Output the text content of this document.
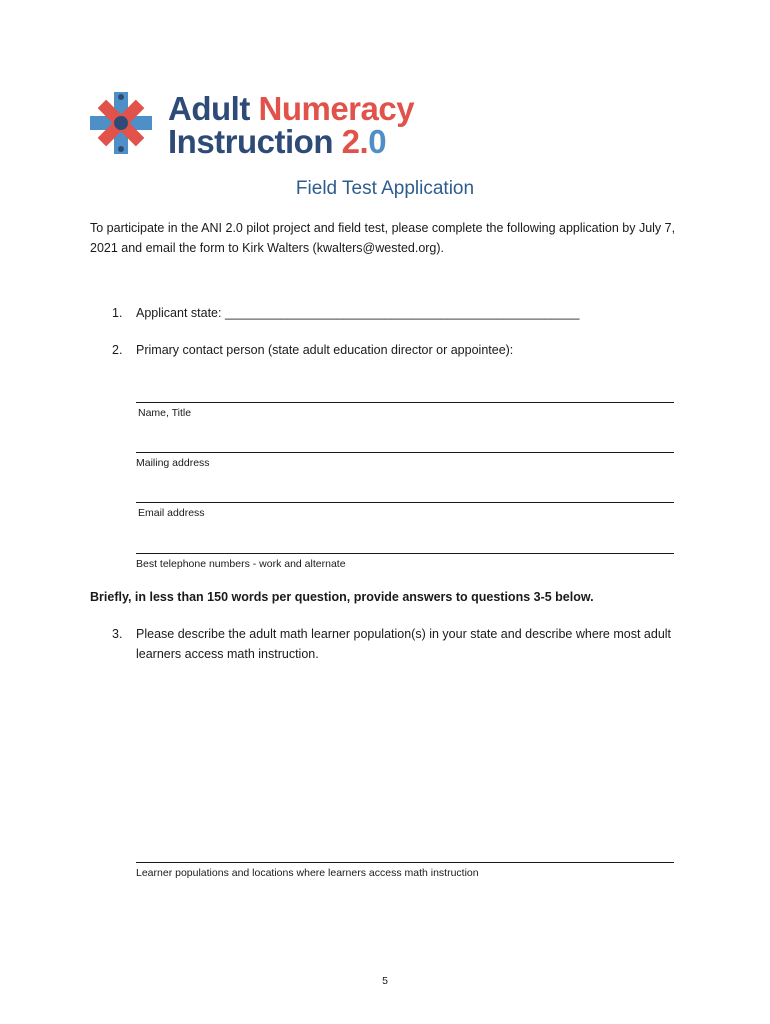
Adult Numeracy
Instruction 2.0
Field Test Application
To participate in the ANI 2.0 pilot project and field test, please complete the following application by July 7, 2021 and email the form to Kirk Walters (kwalters@wested.org).
1.	Applicant state: ___________________________________________________
2.	Primary contact person (state adult education director or appointee):
Name, Title
Mailing address
Email address
Best telephone numbers - work and alternate
Briefly, in less than 150 words per question, provide answers to questions 3-5 below.
3.	Please describe the adult math learner population(s) in your state and describe where most adult learners access math instruction.
Learner populations and locations where learners access math instruction
5
